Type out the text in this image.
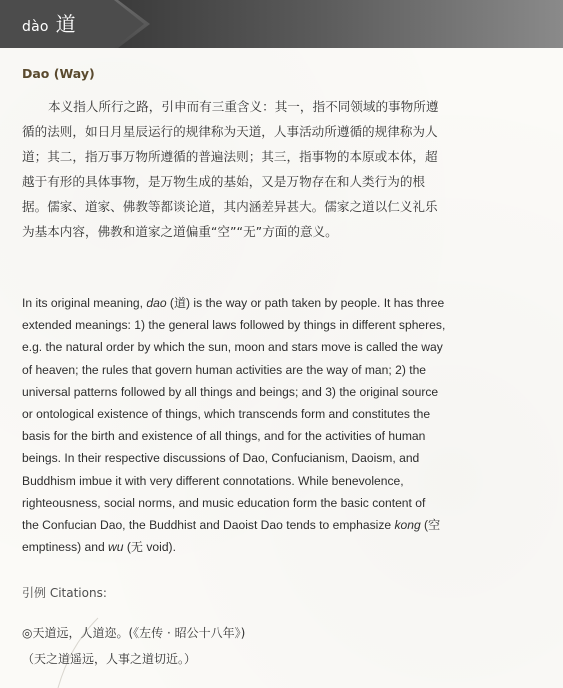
dào 道
Dao (Way)
本义指人所行之路，引申而有三重含义：其一，指不同领域的事物所遵
循的法则，如日月星辰运行的规律称为天道，人事活动所遵循的规律称为人
道；其二，指万事万物所遵循的普遍法则；其三，指事物的本原或本体，超
越于有形的具体事物，是万物生成的基始，又是万物存在和人类行为的根
据。儒家、道家、佛教等都谈论道，其内涵差异甚大。儒家之道以仁义礼乐
为基本内容，佛教和道家之道偏重“空”“无”方面的意义。
In its original meaning, dao (道) is the way or path taken by people. It has three
extended meanings: 1) the general laws followed by things in different spheres,
e.g. the natural order by which the sun, moon and stars move is called the way
of heaven; the rules that govern human activities are the way of man; 2) the
universal patterns followed by all things and beings; and 3) the original source
or ontological existence of things, which transcends form and constitutes the
basis for the birth and existence of all things, and for the activities of human
beings. In their respective discussions of Dao, Confucianism, Daoism, and
Buddhism imbue it with very different connotations. While benevolence,
righteousness, social norms, and music education form the basic content of
the Confucian Dao, the Buddhist and Daoist Dao tends to emphasize kong (空
emptiness) and wu (无 void).
引例 Citations:
◎天道远，人道迩。(《左传 · 昭公十八年》)
（天之道遥远，人事之道切近。）
